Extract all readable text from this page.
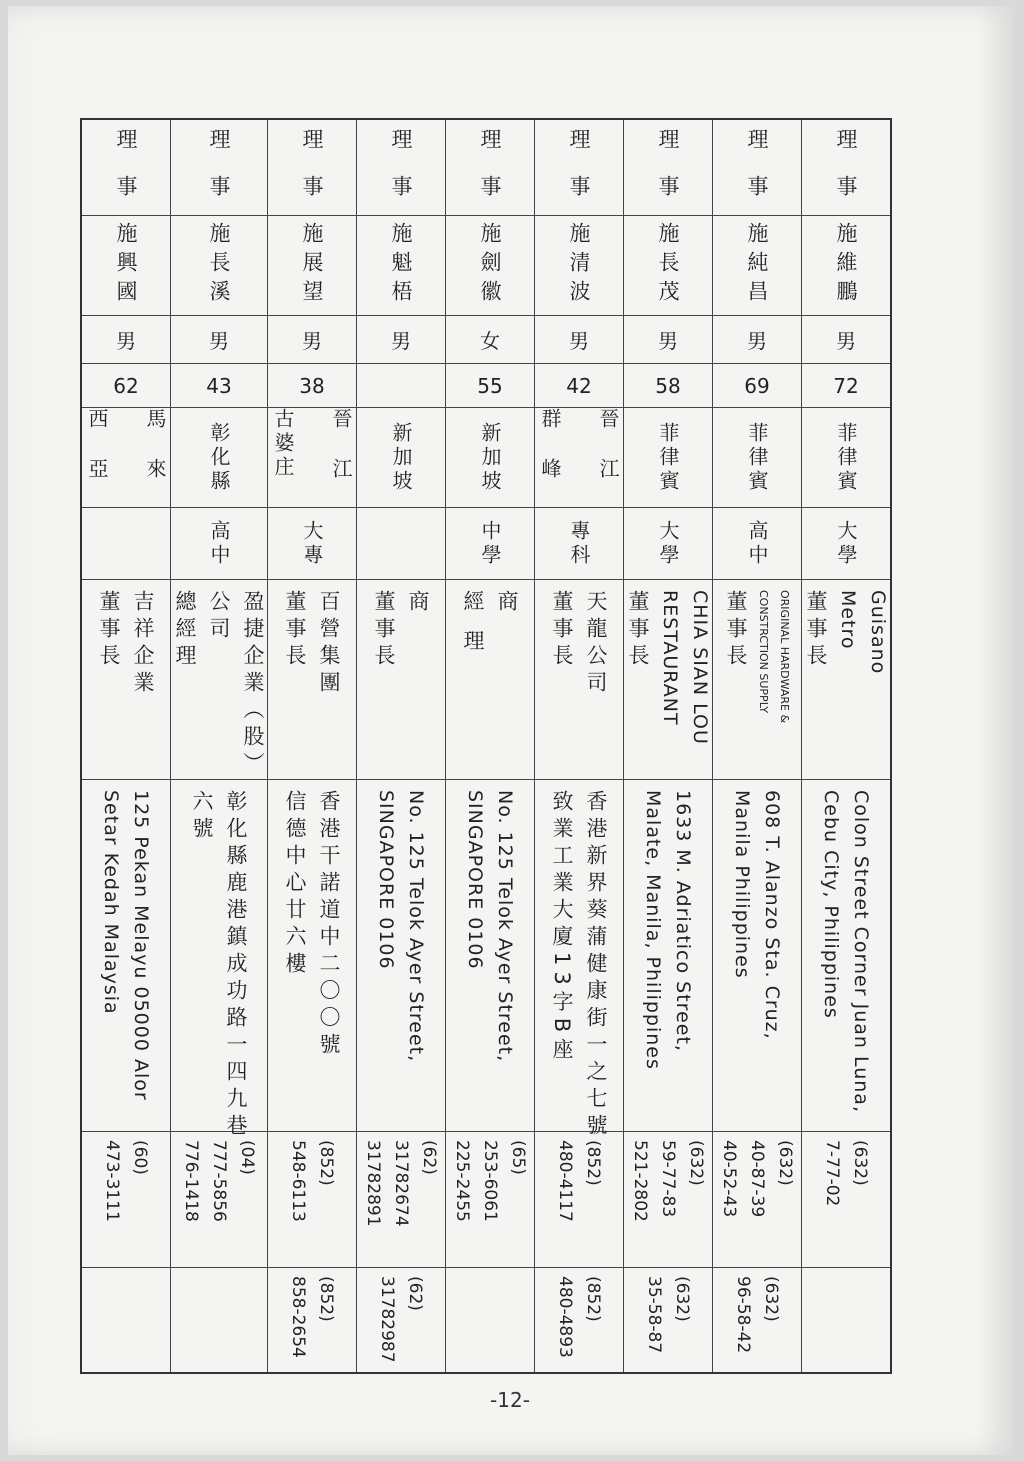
理事
施維鵬
男
72
菲律賓
大學
Guisano
Metro
董事長
Colon Street Corner Juan Luna,
Cebu City, Philippines
(632)
7-77-02
理事
施純昌
男
69
菲律賓
高中
ORIGINAL HARDWARE &
CONSTRCTION SUPPLY
董事長
608 T. Alanzo Sta. Cruz,
Manila Philippines
(632)
40-87-39
40-52-43
(632)
96-58-42
理事
施長茂
男
58
菲律賓
大學
CHIA SIAN LOU
RESTAURANT
董事長
1633 M. Adriatico Street,
Malate, Manila, Philippines
(632)
59-77-83
521-2802
(632)
35-58-87
理事
施清波
男
42
晉江
群峰
專科
天龍公司
董事長
香港新界葵蒲健康街一之七號
致業工業大廈13字B座
(852)
480-4117
(852)
480-4893
理事
施劍徽
女
55
新加坡
中學
商
經 理
No. 125 Telok Ayer Street,
SINGAPORE 0106
(65)
253-6061
225-2455
理事
施魁梧
男
新加坡
商
董事長
No. 125 Telok Ayer Street,
SINGAPORE 0106
(62)
31782674
31782891
(62)
31782987
理事
施展望
男
38
晉江
古婆庄
大專
百營集團
董事長
香港干諾道中二〇〇號
信德中心廿六樓
(852)
548-6113
(852)
858-2654
理事
施長溪
男
43
彰化縣
高中
盈捷企業（股）
公司
總經理
彰化縣鹿港鎮成功路一四九巷
六號
(04)
777-5856
776-1418
理事
施興國
男
62
馬來
西亞
吉祥企業
董事長
125 Pekan Melayu 05000 Alor
Setar Kedah Malaysia
(60)
473-3111
-12-
